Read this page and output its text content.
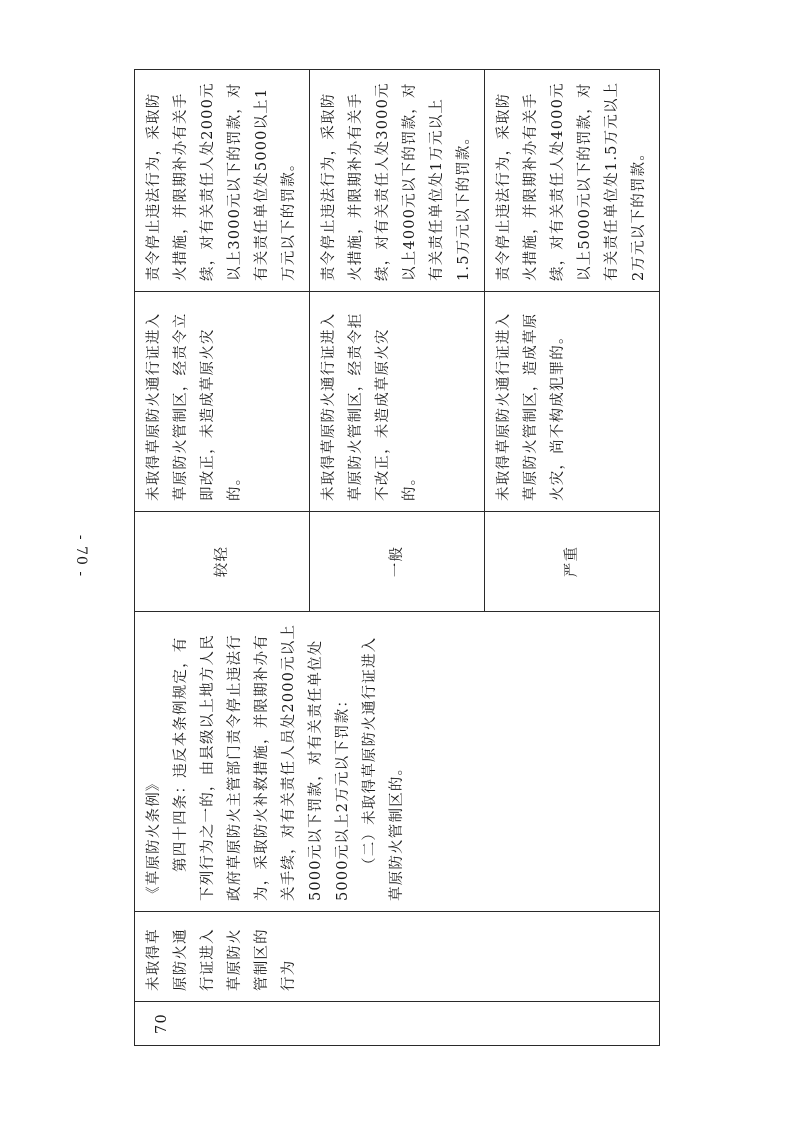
- 70 -
70	未取得草原防火通行证进入草原防火管制区的行为	《草原防火条例》 第四十四条：违反本条例规定，有下列行为之一的，由县级以上地方人民政府草原防火主管部门责令停止违法行为，采取防火补救措施，并限期补办有关手续，对有关责任人员处2000元以上5000元以下罚款，对有关责任单位处5000元以上2万元以下罚款： （二）未取得草原防火通行证进入草原防火管制区的。	较轻	未取得草原防火通行证进入草原防火管制区，经责令立即改正，未造成草原火灾的。	责令停止违法行为，采取防火措施，并限期补办有关手续，对有关责任人处2000元以上3000元以下的罚款，对有关责任单位处5000以上1万元以下的罚款。
			一般	未取得草原防火通行证进入草原防火管制区，经责令拒不改正，未造成草原火灾的。	责令停止违法行为，采取防火措施，并限期补办有关手续，对有关责任人处3000元以上4000元以下的罚款，对有关责任单位处1万元以上1.5万元以下的罚款。
			严重	未取得草原防火通行证进入草原防火管制区，造成草原火灾，尚不构成犯罪的。	责令停止违法行为，采取防火措施，并限期补办有关手续，对有关责任人处4000元以上5000元以下的罚款，对有关责任单位处1.5万元以上2万元以下的罚款。
